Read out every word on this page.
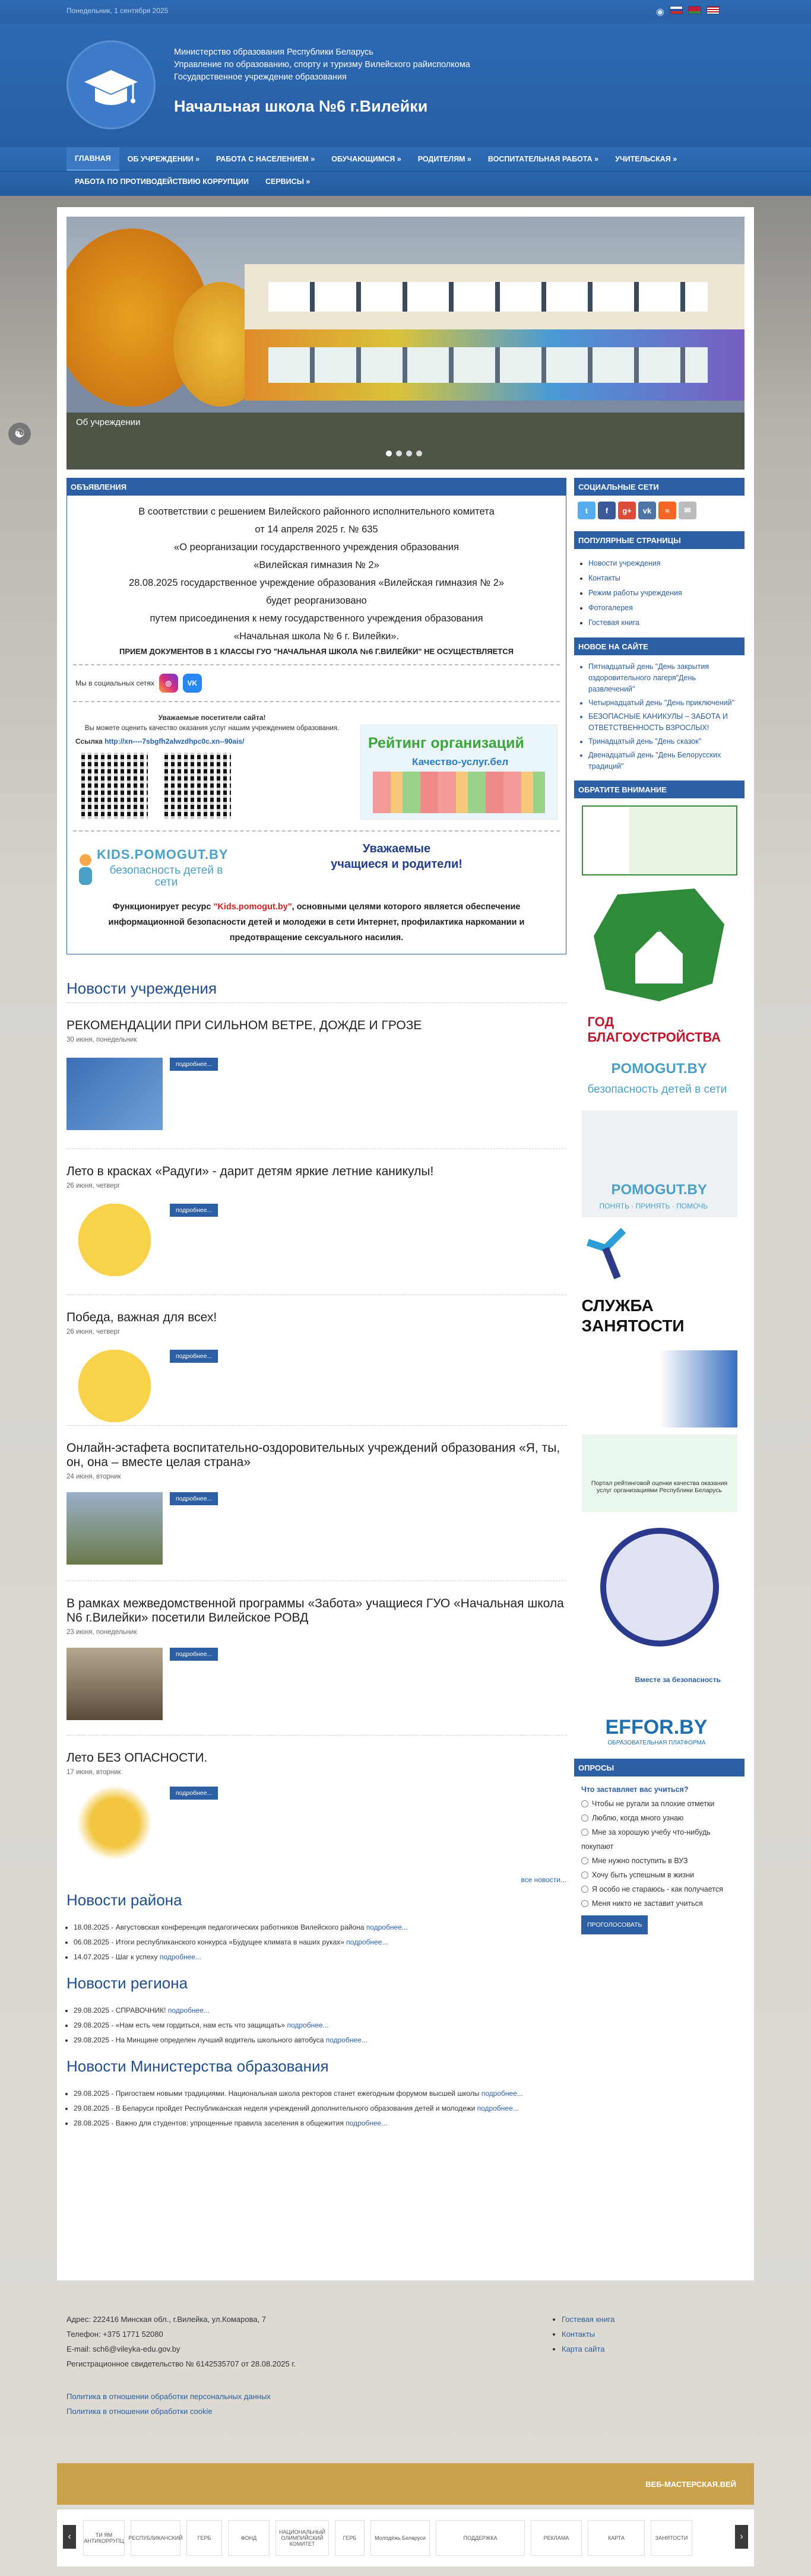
Понедельник, 1 сентября 2025	◉
Министерство образования Республики Беларусь
Управление по образованию, спорту и туризму Вилейского райисполкома
Государственное учреждение образования
Начальная школа №6 г.Вилейки
ГЛАВНАЯ	ОБ УЧРЕЖДЕНИИ »	РАБОТА С НАСЕЛЕНИЕМ »	ОБУЧАЮЩИМСЯ »	РОДИТЕЛЯМ »	ВОСПИТАТЕЛЬНАЯ РАБОТА »	УЧИТЕЛЬСКАЯ »
РАБОТА ПО ПРОТИВОДЕЙСТВИЮ КОРРУПЦИИ	СЕРВИСЫ »
☯
Об учреждении
ОБЪЯВЛЕНИЯ

В соответствии с решением Вилейского районного исполнительного комитета

от 14 апреля 2025 г. № 635

«О реорганизации государственного учреждения образования

«Вилейская гимназия № 2»

28.08.2025 государственное учреждение образования «Вилейская гимназия № 2»

будет реорганизовано

путем присоединения к нему государственного учреждения образования

«Начальная школа № 6 г. Вилейки».

ПРИЕМ ДОКУМЕНТОВ В 1 КЛАССЫ ГУО "НАЧАЛЬНАЯ ШКОЛА №6 Г.ВИЛЕЙКИ" НЕ ОСУЩЕСТВЛЯЕТСЯ

Мы в социальных сетях	◎	VK
Уважаемые посетители сайта!
Вы можете оценить качество оказания услуг нашим учреждением образования.
Ссылка http://xn----7sbgfh2alwzdhpc0c.xn--90ais/	Рейтинг организаций
Качество-услуг.бел
KIDS.POMOGUT.BY
безопасность детей в сети
Уважаемые
учащиеся и родители!
Функционирует ресурс "Kids.pomogut.by", основными целями которого является обеспечение информационной безопасности детей и молодежи в сети Интернет, профилактика наркомании и предотвращение сексуального насилия.
Новости учреждения
РЕКОМЕНДАЦИИ ПРИ СИЛЬНОМ ВЕТРЕ, ДОЖДЕ И ГРОЗЕ
30 июня, понедельник
подробнее...
Лето в красках «Радуги» - дарит детям яркие летние каникулы!
26 июня, четверг
подробнее...
Победа, важная для всех!
26 июня, четверг
подробнее...
Онлайн-эстафета воспитательно-оздоровительных учреждений образования «Я, ты, он, она – вместе целая страна»
24 июня, вторник
подробнее...
В рамках межведомственной программы «Забота» учащиеся ГУО «Начальная школа N6 г.Вилейки» посетили Вилейское РОВД
23 июня, понедельник
подробнее...
Лето БЕЗ ОПАСНОСТИ.
17 июня, вторник
подробнее...
все новости...
Новости района
• 18.08.2025 - Августовская конференция педагогических работников Вилейского района подробнее...
• 06.08.2025 - Итоги республиканского конкурса «Будущее климата в наших руках» подробнее...
• 14.07.2025 - Шаг к успеху подробнее...
Новости региона
• 29.08.2025 - СПРАВОЧНИК! подробнее...
• 29.08.2025 - «Нам есть чем гордиться, нам есть что защищать» подробнее...
• 29.08.2025 - На Минщине определен лучший водитель школьного автобуса подробнее...
Новости Министерства образования
• 29.08.2025 - Пригостаем новыми традициями. Национальная школа ректоров станет ежегодным форумом высшей школы подробнее...
• 29.08.2025 - В Беларуси пройдет Республиканская неделя учреждений дополнительного образования детей и молодежи подробнее...
• 28.08.2025 - Важно для студентов: упрощенные правила заселения в общежития подробнее...
СОЦИАЛЬНЫЕ СЕТИ
t	f	g+	vk	≈	✉
ПОПУЛЯРНЫЕ СТРАНИЦЫ
• Новости учреждения
• Контакты
• Режим работы учреждения
• Фотогалерея
• Гостевая книга
НОВОЕ НА САЙТЕ
• Пятнадцатый день "День закрытия оздоровительного лагеря"День развлечений"
• Четырнадцатый день "День приключений"
• БЕЗОПАСНЫЕ КАНИКУЛЫ – ЗАБОТА И ОТВЕТСТВЕННОСТЬ ВЗРОСЛЫХ!
• Тринадцатый день "День сказок"
• Двенадцатый день "День Белорусских традиций"
ОБРАТИТЕ ВНИМАНИЕ
2025
ГОД БЛАГОУСТРОЙСТВА
POMOGUT.BY
безопасность детей в сети
POMOGUT.BY
ПОНЯТЬ · ПРИНЯТЬ · ПОМОЧЬ
СЛУЖБА ЗАНЯТОСТИ
Портал рейтинговой оценки качества оказания услуг организациями Республики Беларусь
Вместе за безопасность
EFFOR.BY
ОБРАЗОВАТЕЛЬНАЯ ПЛАТФОРМА
ОПРОСЫ
Что заставляет вас учиться?
Чтобы не ругали за плохие отметки
Люблю, когда много узнаю
Мне за хорошую учебу что-нибудь покупают
Мне нужно поступить в ВУЗ
Хочу быть успешным в жизни
Я особо не стараюсь - как получается
Меня никто не заставит учиться
ПРОГОЛОСОВАТЬ
Адрес: 222416 Минская обл., г.Вилейка, ул.Комарова, 7
Телефон: +375 1771 52080
E-mail: sch6@vileyka-edu.gov.by
Регистрационное свидетельство № 6142535707 от 28.08.2025 г.
• Гостевая книга
• Контакты
• Карта сайта
Политика в отношении обработки персональных данных
Политика в отношении обработки cookie
ВЕБ-МАСТЕРСКАЯ.BEЙ
‹	ТИ ЯМ АНТИКОРРУПЦ РЕСПУБЛИКАНСКИЙ	ГЕРБ	ФОНД
НАЦИОНАЛЬНЫЙ ОЛИМПИЙСКИЙ КОМИТЕТ
ГЕРБ	Молодёжь Беларуси	ПОДДЕРЖКА	РЕКЛАМА	КАРТА	ЗАНЯТОСТИ	›
